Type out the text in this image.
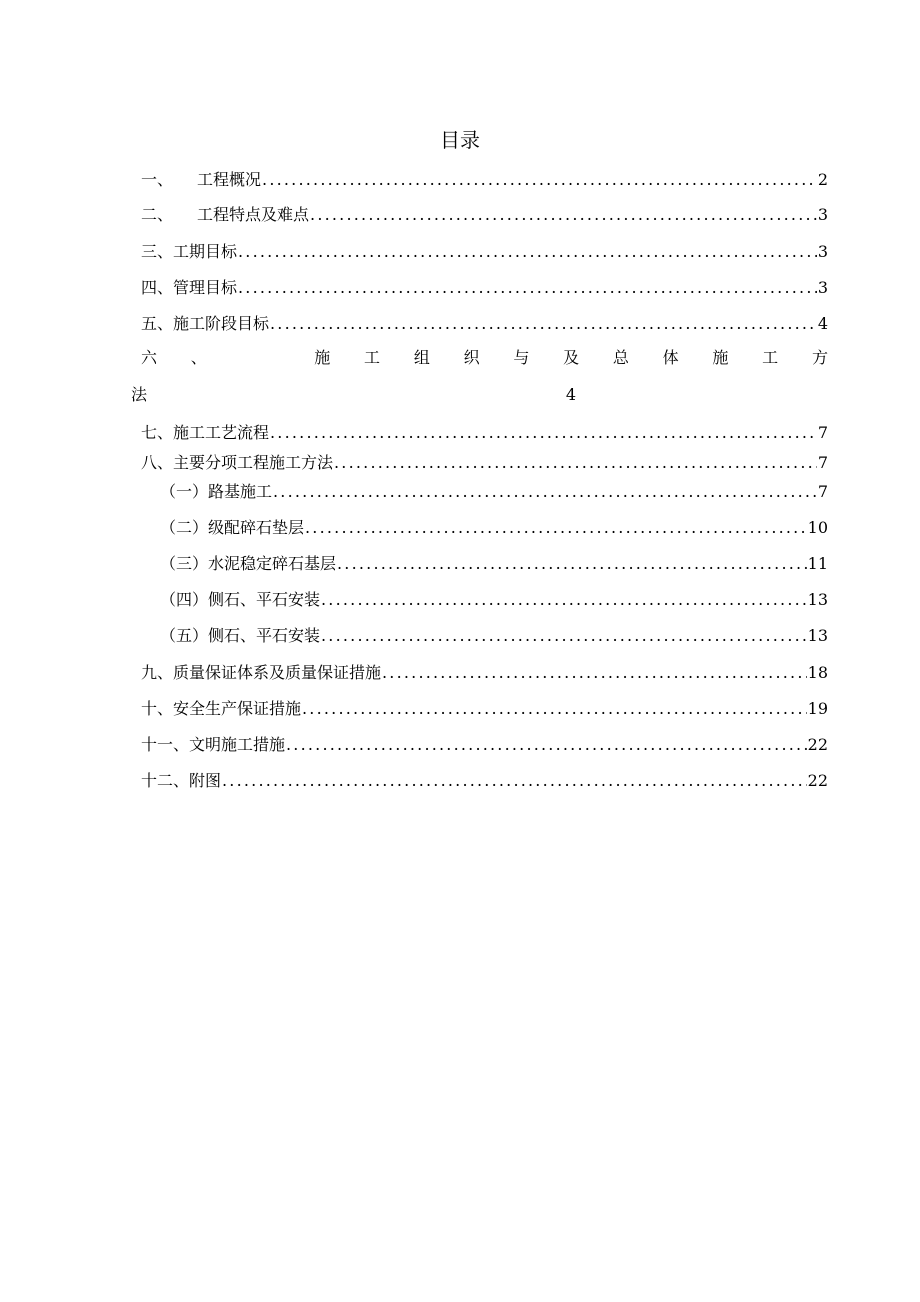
目录
一、 工程概况 .....	2
二、 工程特点及难点 .....	3
三、工期目标 .....	3
四、管理目标 .....	3
五、施工阶段目标 .....	4
六 、	施 工 组 织 与 及 总 体 施 工 方
法	4
七、施工工艺流程 .....	7
八、主要分项工程施工方法 .....	7
（一）路基施工 .....	7
（二）级配碎石垫层 .....	10
（三）水泥稳定碎石基层 .....	11
（四）侧石、平石安装 .....	13
（五）侧石、平石安装 .....	13
九、质量保证体系及质量保证措施 .....	18
十、安全生产保证措施 .....	19
十一、文明施工措施 .....	22
十二、附图 .....	22
